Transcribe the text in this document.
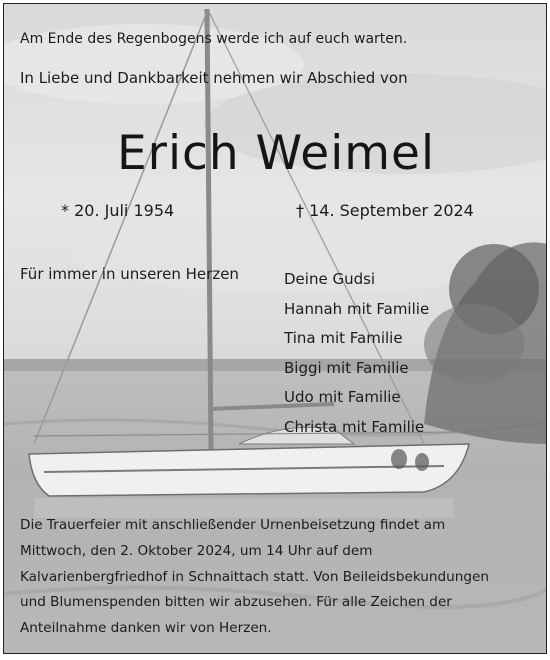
Am Ende des Regenbogens werde ich auf euch warten.

In Liebe und Dankbarkeit nehmen wir Abschied von

Erich Weimel

* 20. Juli 1954	† 14. September 2024

Für immer in unseren Herzen	Deine Gudsi
Hannah mit Familie
Tina mit Familie
Biggi mit Familie
Udo mit Familie
Christa mit Familie
Die Trauerfeier mit anschließender Urnenbeisetzung findet am
Mittwoch, den 2. Oktober 2024, um 14 Uhr auf dem
Kalvarienbergfriedhof in Schnaittach statt. Von Beileidsbekundungen
und Blumenspenden bitten wir abzusehen. Für alle Zeichen der
Anteilnahme danken wir von Herzen.
